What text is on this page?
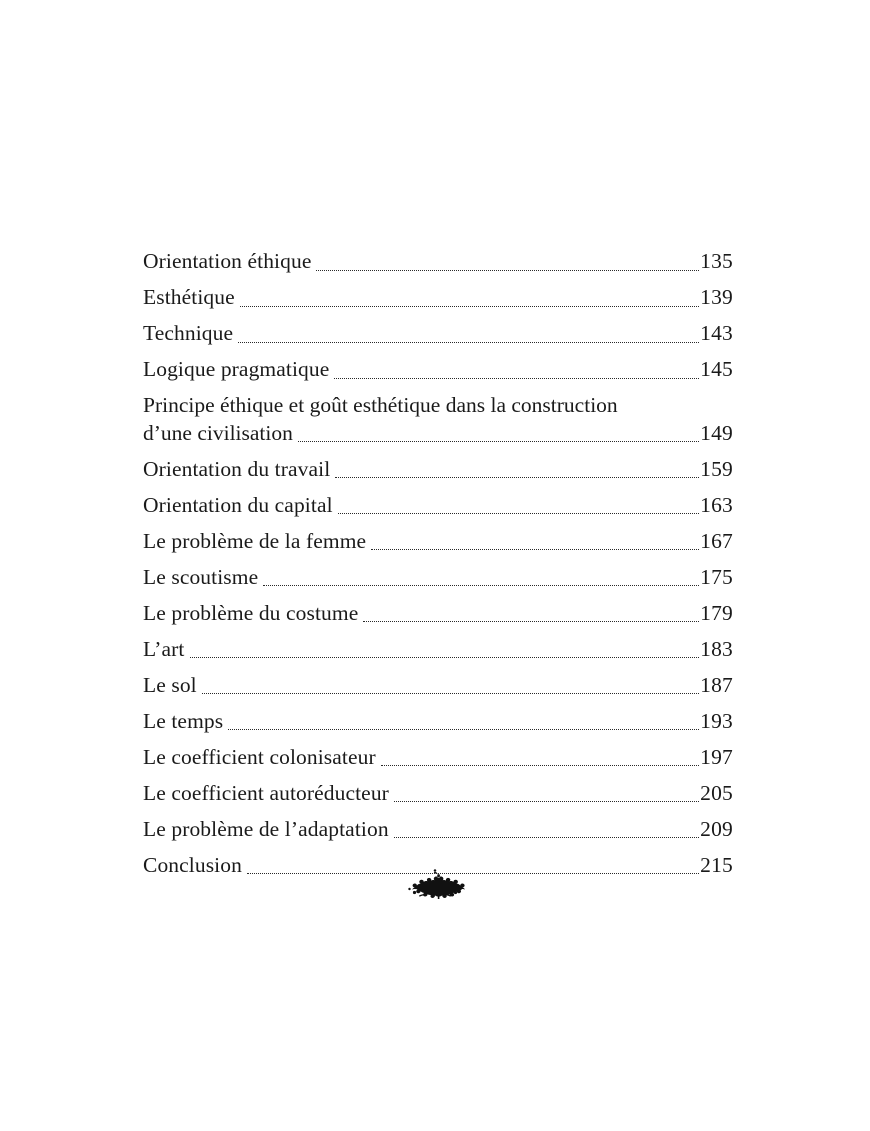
Orientation éthique	135
Esthétique	139
Technique	143
Logique pragmatique	145
Principe éthique et goût esthétique dans la construction
d’une civilisation	149
Orientation du travail	159
Orientation du capital	163
Le problème de la femme	167
Le scoutisme	175
Le problème du costume	179
L’art	183
Le sol	187
Le temps	193
Le coefficient colonisateur	197
Le coefficient autoréducteur	205
Le problème de l’adaptation	209
Conclusion	215
